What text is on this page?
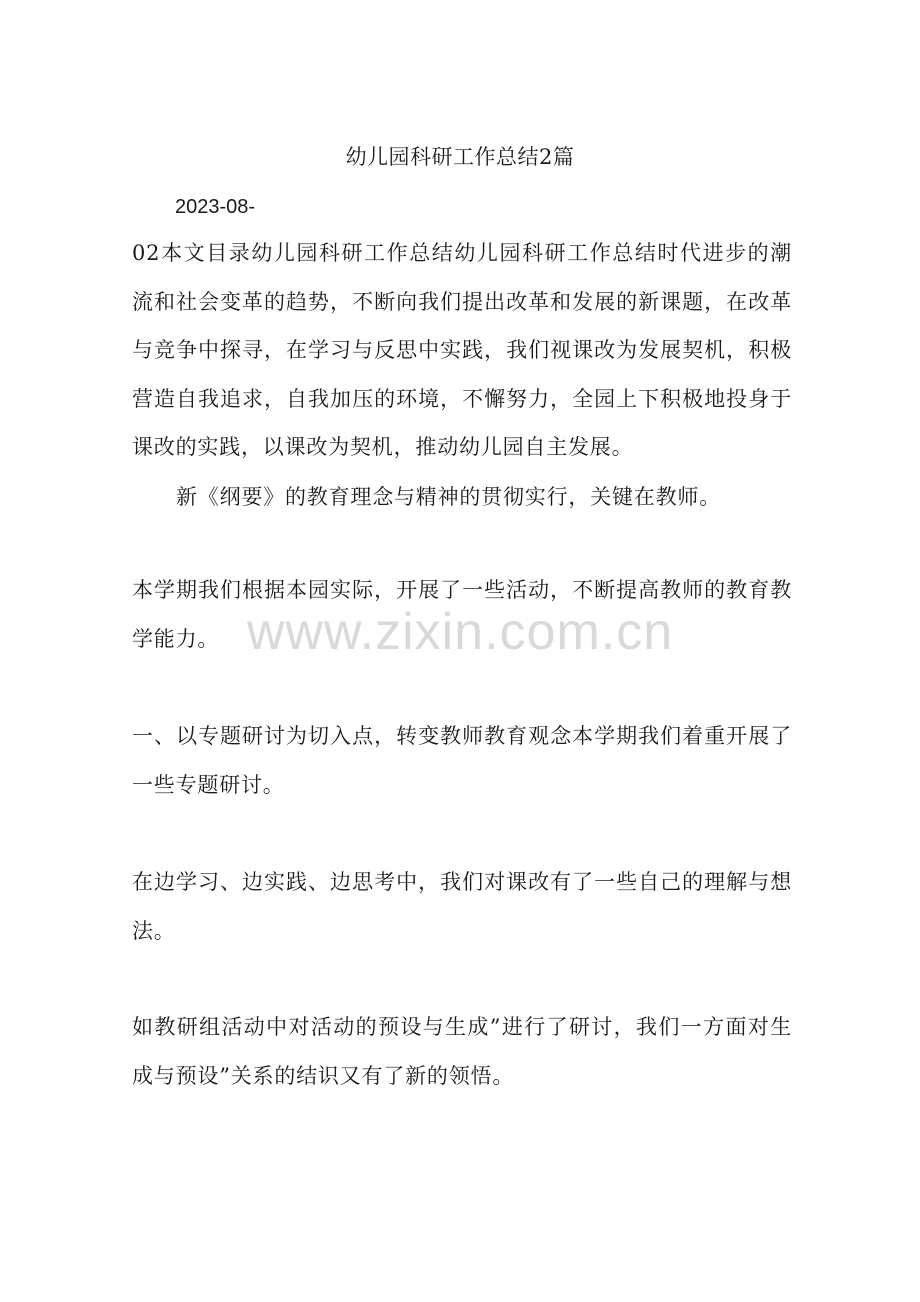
幼儿园科研工作总结2篇
2023-08-

02本文目录幼儿园科研工作总结幼儿园科研工作总结时代进步的潮流和社会变革的趋势，不断向我们提出改革和发展的新课题，在改革与竞争中探寻，在学习与反思中实践，我们视课改为发展契机，积极营造自我追求，自我加压的环境，不懈努力，全园上下积极地投身于课改的实践，以课改为契机，推动幼儿园自主发展。

新《纲要》的教育理念与精神的贯彻实行，关键在教师。

本学期我们根据本园实际，开展了一些活动，不断提高教师的教育教学能力。

一、以专题研讨为切入点，转变教师教育观念本学期我们着重开展了一些专题研讨。

在边学习、边实践、边思考中，我们对课改有了一些自己的理解与想法。

如教研组活动中对活动的预设与生成”进行了研讨，我们一方面对生成与预设”关系的结识又有了新的领悟。

www.zixin.com.cn
